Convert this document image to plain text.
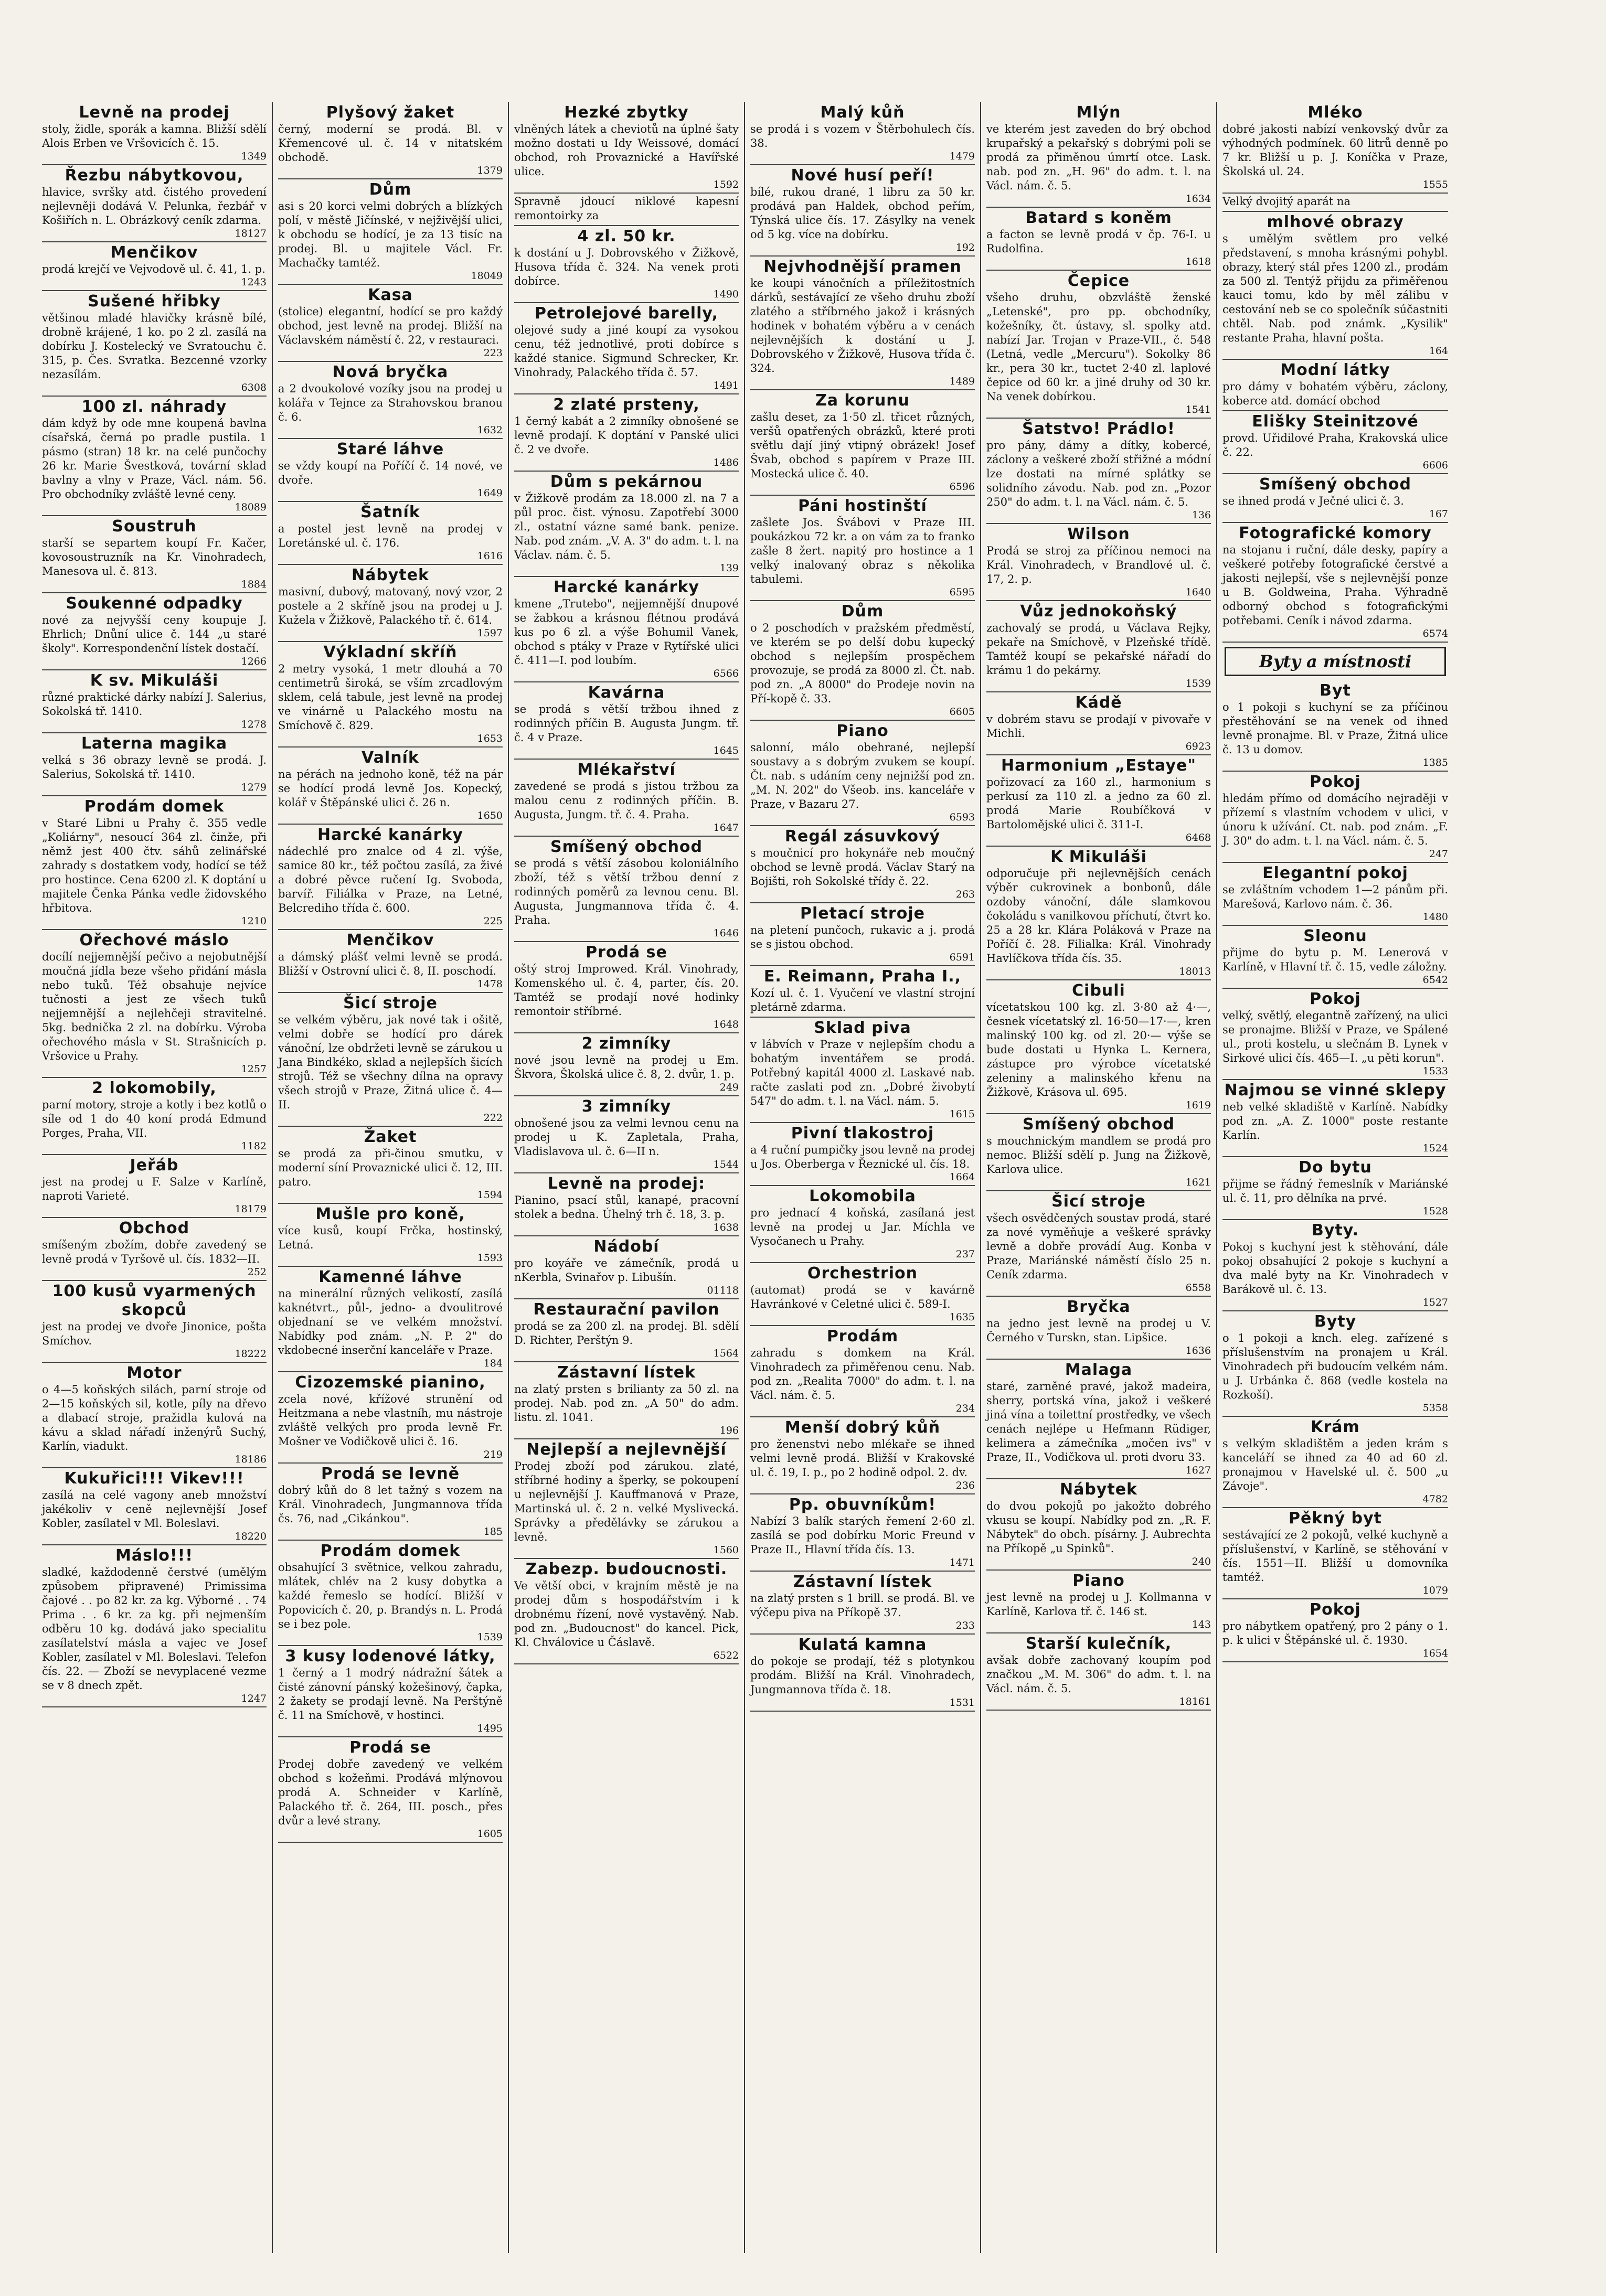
Levně na prodej
stoly, židle, sporák a kamna. Bližší sdělí Alois Erben ve Vršovicích č. 15.
1349
Řezbu nábytkovou,
hlavice, svršky atd. čistého provedení nejlevněji dodává V. Pelunka, řezbář v Košiřích n. L. Obrázkový ceník zdarma.
18127
Menčikov
prodá krejčí ve Vejvodově ul. č. 41, 1. p.
1243
Sušené hřibky
většinou mladé hlavičky krásně bílé, drobně krájené, 1 ko. po 2 zl. zasílá na dobírku J. Kostelecký ve Svratouchu č. 315, p. Čes. Svratka. Bezcenné vzorky nezasílám.
6308
100 zl. náhrady
dám když by ode mne koupená bavlna císařská, černá po pradle pustila. 1 pásmo (stran) 18 kr. na celé punčochy 26 kr. Marie Švestková, tovární sklad bavlny a vlny v Praze, Václ. nám. 56. Pro obchodníky zvláště levné ceny.
18089
Soustruh
starší se separtem koupí Fr. Kačer, kovosoustruzník na Kr. Vinohradech, Manesova ul. č. 813.
1884
Soukenné odpadky
nové za nejvyšší ceny koupuje J. Ehrlich; Dnůní ulice č. 144 „u staré školy". Korrespondenční lístek dostačí.
1266
K sv. Mikuláši
různé praktické dárky nabízí J. Salerius, Sokolská tř. 1410.
1278
Laterna magika
velká s 36 obrazy levně se prodá. J. Salerius, Sokolská tř. 1410.
1279
Prodám domek
v Staré Libni u Prahy č. 355 vedle „Koliárny", nesoucí 364 zl. činže, při němž jest 400 čtv. sáhů zelinářské zahrady s dostatkem vody, hodící se též pro hostince. Cena 6200 zl. K doptání u majitele Čenka Pánka vedle židovského hřbitova.
1210
Ořechové máslo
docílí nejjemnější pečivo a nejobutnější moučná jídla beze všeho přidání másla nebo tuků. Též obsahuje nejvíce tučnosti a jest ze všech tuků nejjemnější a nejlehčeji stravitelné. 5kg. bednička 2 zl. na dobírku. Výroba ořechového másla v St. Strašnicích p. Vršovice u Prahy.
1257
2 lokomobily,
parní motory, stroje a kotly i bez kotlů o síle od 1 do 40 koní prodá Edmund Porges, Praha, VII.
1182
Jeřáb
jest na prodej u F. Salze v Karlíně, naproti Varieté.
18179
Obchod
smíšeným zbožím, dobře zavedený se levně prodá v Tyršově ul. čís. 1832—II.
252
100 kusů vyarmených skopců
jest na prodej ve dvoře Jinonice, pošta Smíchov.
18222
Motor
o 4—5 koňských silách, parní stroje od 2—15 koňských sil, kotle, píly na dřevo a dlabací stroje, pražidla kulová na kávu a sklad nářadí inženýrů Suchý, Karlín, viadukt.
18186
Kukuřici!!! Vikev!!!
zasílá na celé vagony aneb množství jakékoliv v ceně nejlevnější Josef Kobler, zasílatel v Ml. Boleslavi.
18220
Máslo!!!
sladké, každodenně čerstvé (umělým způsobem připravené) Primissima čajové . . po 82 kr. za kg. Výborné . . 74 Prima . . 6 kr. za kg. při nejmenším odběru 10 kg. dodává jako specialitu zasílatelství másla a vajec ve Josef Kobler, zasílatel v Ml. Boleslavi. Telefon čís. 22. — Zboží se nevyplacené vezme se v 8 dnech zpět.
1247
Plyšový žaket
černý, moderní se prodá. Bl. v Křemencové ul. č. 14 v nitatském obchodě.
1379
Dům
asi s 20 korci velmi dobrých a blízkých polí, v městě Jičínské, v nejživější ulici, k obchodu se hodící, je za 13 tisíc na prodej. Bl. u majitele Václ. Fr. Machačky tamtéž.
18049
Kasa
(stolice) elegantní, hodící se pro každý obchod, jest levně na prodej. Bližší na Václavském náměstí č. 22, v restauraci.
223
Nová bryčka
a 2 dvoukolové vozíky jsou na prodej u kolářa v Tejnce za Strahovskou branou č. 6.
1632
Staré láhve
se vždy koupí na Poříčí č. 14 nové, ve dvoře.
1649
Šatník
a postel jest levně na prodej v Loretánské ul. č. 176.
1616
Nábytek
masivní, dubový, matovaný, nový vzor, 2 postele a 2 skříně jsou na prodej u J. Kužela v Žižkově, Palackého tř. č. 614.
1597
Výkladní skříň
2 metry vysoká, 1 metr dlouhá a 70 centimetrů široká, se vším zrcadlovým sklem, celá tabule, jest levně na prodej ve vinárně u Palackého mostu na Smíchově č. 829.
1653
Valník
na pérách na jednoho koně, též na pár se hodící prodá levně Jos. Kopecký, kolář v Štěpánské ulici č. 26 n.
1650
Harcké kanárky
nádechlé pro znalce od 4 zl. výše, samice 80 kr., též počtou zasílá, za živé a dobré pěvce ručení Ig. Svoboda, barvíř. Filiálka v Praze, na Letné, Belcrediho třída č. 600.
225
Menčikov
a dámský plášť velmi levně se prodá. Bližší v Ostrovní ulici č. 8, II. poschodí.
1478
Šicí stroje
se velkém výběru, jak nové tak i ošitě, velmi dobře se hodící pro dárek vánoční, lze obdržeti levně se zárukou u Jana Bindkéko, sklad a nejlepších šicích strojů. Též se všechny dílna na opravy všech strojů v Praze, Žitná ulice č. 4—II.
222
Žaket
se prodá za při-činou smutku, v moderní síní Provaznické ulici č. 12, III. patro.
1594
Mušle pro koně,
více kusů, koupí Frčka, hostinský, Letná.
1593
Kamenné láhve
na minerální různých velikostí, zasílá kaknétvrt., půl-, jedno- a dvoulitrové objednaní se ve velkém množství. Nabídky pod znám. „N. P. 2" do vkdobecné inserční kanceláře v Praze.
184
Cizozemské pianino,
zcela nové, křížové strunění od Heitzmana a nebe vlastníh, mu nástroje zvláště velkých pro proda levně Fr. Mošner ve Vodičkově ulici č. 16.
219
Prodá se levně
dobrý kůň do 8 let tažný s vozem na Král. Vinohradech, Jungmannova třída čs. 76, nad „Cikánkou".
185
Prodám domek
obsahující 3 světnice, velkou zahradu, mlátek, chlév na 2 kusy dobytka a každé řemeslo se hodící. Bližší v Popovicích č. 20, p. Brandýs n. L. Prodá se i bez pole.
1539
3 kusy lodenové látky,
1 černý a 1 modrý nádražní šátek a čisté zánovní pánský kožešinový, čapka, 2 žakety se prodají levně. Na Perštýně č. 11 na Smíchově, v hostinci.
1495
Prodá se
Prodej dobře zavedený ve velkém obchod s kožeňmi. Prodává mlýnovou prodá A. Schneider v Karlíně, Palackého tř. č. 264, III. posch., přes dvůr a levé strany.
1605
Hezké zbytky
vlněných látek a cheviotů na úplné šaty možno dostati u Idy Weissové, domácí obchod, roh Provaznické a Havířské ulice.
1592
Spravně jdoucí niklové kapesní remontoirky za
4 zl. 50 kr.
k dostání u J. Dobrovského v Žižkově, Husova třída č. 324. Na venek proti dobírce.
1490
Petrolejové barelly,
olejové sudy a jiné koupí za vysokou cenu, též jednotlivé, proti dobírce s každé stanice. Sigmund Schrecker, Kr. Vinohrady, Palackého třída č. 57.
1491
2 zlaté prsteny,
1 černý kabát a 2 zimníky obnošené se levně prodají. K doptání v Panské ulici č. 2 ve dvoře.
1486
Dům s pekárnou
v Žižkově prodám za 18.000 zl. na 7 a půl proc. čist. výnosu. Zapotřebí 3000 zl., ostatní vázne samé bank. penize. Nab. pod znám. „V. A. 3" do adm. t. l. na Václav. nám. č. 5.
139
Harcké kanárky
kmene „Trutebo", nejjemnější dnupové se žabkou a krásnou flétnou prodává kus po 6 zl. a výše Bohumil Vanek, obchod s ptáky v Praze v Rytířské ulici č. 411—I. pod loubím.
6566
Kavárna
se prodá s větší tržbou ihned z rodinných příčin B. Augusta Jungm. tř. č. 4 v Praze.
1645
Mlékařství
zavedené se prodá s jistou tržbou za malou cenu z rodinných příčin. B. Augusta, Jungm. tř. č. 4. Praha.
1647
Smíšený obchod
se prodá s větší zásobou koloniálního zboží, též s větší tržbou denní z rodinných poměrů za levnou cenu. Bl. Augusta, Jungmannova třída č. 4. Praha.
1646
Prodá se
oštý stroj Improwed. Král. Vinohrady, Komenského ul. č. 4, parter, čís. 20. Tamtéž se prodají nové hodinky remontoir stříbrné.
1648
2 zimníky
nové jsou levně na prodej u Em. Škvora, Školská ulice č. 8, 2. dvůr, 1. p.
249
3 zimníky
obnošené jsou za velmi levnou cenu na prodej u K. Zapletala, Praha, Vladislavova ul. č. 6—II n.
1544
Levně na prodej:
Pianino, psací stůl, kanapé, pracovní stolek a bedna. Úhelný trh č. 18, 3. p.
1638
Nádobí
pro koyáře ve zámečník, prodá u nKerbla, Svinařov p. Libušín.
01118
Restaurační pavilon
prodá se za 200 zl. na prodej. Bl. sdělí D. Richter, Perštýn 9.
1564
Zástavní lístek
na zlatý prsten s brilianty za 50 zl. na prodej. Nab. pod zn. „A 50" do adm. listu. zl. 1041.
196
Nejlepší a nejlevnější
Prodej zboží pod zárukou. zlaté, stříbrné hodiny a šperky, se pokoupení u nejlevnější J. Kauffmanová v Praze, Martinská ul. č. 2 n. velké Myslivecká. Správky a předělávky se zárukou a levně.
1560
Zabezp. budoucnosti.
Ve větší obci, v krajním městě je na prodej dům s hospodářstvím i k drobnému řízení, nově vystavěný. Nab. pod zn. „Budoucnost" do kancel. Pick, Kl. Chválovice u Čáslavě.
6522
Malý kůň
se prodá i s vozem v Štěrbohulech čís. 38.
1479
Nové husí peří!
bílé, rukou drané, 1 libru za 50 kr. prodává pan Haldek, obchod peřím, Týnská ulice čís. 17. Zásylky na venek od 5 kg. více na dobírku.
192
Nejvhodnější pramen
ke koupi vánočních a příležitostních dárků, sestávající ze všeho druhu zboží zlatého a stříbrného jakož i krásných hodinek v bohatém výběru a v cenách nejlevnějších k dostání u J. Dobrovského v Žižkově, Husova třída č. 324.
1489
Za korunu
zašlu deset, za 1·50 zl. třicet různých, veršů opatřených obrázků, které proti světlu dají jiný vtipný obrázek! Josef Švab, obchod s papírem v Praze III. Mostecká ulice č. 40.
6596
Páni hostinští
zašlete Jos. Švábovi v Praze III. poukázkou 72 kr. a on vám za to franko zašle 8 žert. napitý pro hostince a 1 velký inalovaný obraz s několika tabulemi.
6595
Dům
o 2 poschodích v pražském předměstí, ve kterém se po delší dobu kupecký obchod s nejlepším prospěchem provozuje, se prodá za 8000 zl. Čt. nab. pod zn. „A 8000" do Prodeje novin na Pří-kopě č. 33.
6605
Piano
salonní, málo obehrané, nejlepší soustavy a s dobrým zvukem se koupí. Čt. nab. s udáním ceny nejnižší pod zn. „M. N. 202" do Všeob. ins. kanceláře v Praze, v Bazaru 27.
6593
Regál zásuvkový
s moučnicí pro hokynáře neb moučný obchod se levně prodá. Václav Starý na Bojišti, roh Sokolské třídy č. 22.
263
Pletací stroje
na pletení punčoch, rukavic a j. prodá se s jistou obchod.
6591
E. Reimann, Praha I.,
Kozí ul. č. 1. Vyučení ve vlastní strojní pletárně zdarma.
Sklad piva
v lábvích v Praze v nejlepším chodu a bohatým inventářem se prodá. Potřebný kapitál 4000 zl. Laskavé nab. račte zaslati pod zn. „Dobré živobytí 547" do adm. t. l. na Václ. nám. 5.
1615
Pivní tlakostroj
a 4 ruční pumpičky jsou levně na prodej u Jos. Oberberga v Řeznické ul. čís. 18.
1664
Lokomobila
pro jednací 4 koňská, zasílaná jest levně na prodej u Jar. Míchla ve Vysočanech u Prahy.
237
Orchestrion
(automat) prodá se v kavárně Havránkové v Celetné ulici č. 589-I.
1635
Prodám
zahradu s domkem na Král. Vinohradech za přiměřenou cenu. Nab. pod zn. „Realita 7000" do adm. t. l. na Václ. nám. č. 5.
234
Menší dobrý kůň
pro ženenstvi nebo mlékaře se ihned velmi levně prodá. Bližší v Krakovské ul. č. 19, I. p., po 2 hodině odpol. 2. dv.
236
Pp. obuvníkům!
Nabízí 3 balík starých řemení 2·60 zl. zasílá se pod dobírku Moric Freund v Praze II., Hlavní třída čís. 13.
1471
Zástavní lístek
na zlatý prsten s 1 brill. se prodá. Bl. ve výčepu piva na Příkopě 37.
233
Kulatá kamna
do pokoje se prodají, též s plotynkou prodám. Bližší na Král. Vinohradech, Jungmannova třída č. 18.
1531
Mlýn
ve kterém jest zaveden do brý obchod krupařský a pekařský s dobrými poli se prodá za přiměnou úmrtí otce. Lask. nab. pod zn. „H. 96" do adm. t. l. na Václ. nám. č. 5.
1634
Batard s koněm
a facton se levně prodá v čp. 76-I. u Rudolfina.
1618
Čepice
všeho druhu, obzvláště ženské „Letenské", pro pp. obchodníky, kožešníky, čt. ústavy, sl. spolky atd. nabízí Jar. Trojan v Praze-VII., č. 548 (Letná, vedle „Mercuru"). Sokolky 86 kr., pera 30 kr., tuctet 2·40 zl. laplové čepice od 60 kr. a jiné druhy od 30 kr. Na venek dobírkou.
1541
Šatstvo! Prádlo!
pro pány, dámy a dítky, kobercé, záclony a veškeré zboží střižné a módní lze dostati na mírné splátky se solidního závodu. Nab. pod zn. „Pozor 250" do adm. t. l. na Václ. nám. č. 5.
136
Wilson
Prodá se stroj za příčinou nemoci na Král. Vinohradech, v Brandlové ul. č. 17, 2. p.
1640
Vůz jednokoňský
zachovalý se prodá, u Václava Rejky, pekaře na Smíchově, v Plzeňské třídě. Tamtéž koupí se pekařské nářadí do krámu 1 do pekárny.
1539
Kádě
v dobrém stavu se prodají v pivovaře v Michli.
6923
Harmonium „Estaye"
pořizovací za 160 zl., harmonium s perkusí za 110 zl. a jedno za 60 zl. prodá Marie Roubíčková v Bartolomějské ulici č. 311-I.
6468
K Mikuláši
odporučuje při nejlevnějších cenách výběr cukrovinek a bonbonů, dále ozdoby vánoční, dále slamkovou čokoládu s vanilkovou příchutí, čtvrt ko. 25 a 28 kr. Klára Poláková v Praze na Poříčí č. 28. Filialka: Král. Vinohrady Havlíčkova třída čís. 35.
18013
Cibuli
vícetatskou 100 kg. zl. 3·80 až 4·—, česnek vícetatský zl. 16·50—17·—, kren malinský 100 kg. od zl. 20·— výše se bude dostati u Hynka L. Kernera, zástupce pro výrobce vícetatské zeleniny a malinského křenu na Žižkově, Krásova ul. 695.
1619
Smíšený obchod
s mouchnickým mandlem se prodá pro nemoc. Bližší sdělí p. Jung na Žižkově, Karlova ulice.
1621
Šicí stroje
všech osvědčených soustav prodá, staré za nové vyměňuje a veškeré správky levně a dobře provádí Aug. Konba v Praze, Mariánské náměstí číslo 25 n. Ceník zdarma.
6558
Bryčka
na jedno jest levně na prodej u V. Černého v Turskn, stan. Lipšice.
1636
Malaga
staré, zarněné pravé, jakož madeira, sherry, portská vína, jakož i veškeré jiná vína a toilettní prostředky, ve všech cenách nejlépe u Hefmann Rüdiger, kelimera a zámečníka „močen ivs" v Praze, II., Vodičkova ul. proti dvoru 33.
1627
Nábytek
do dvou pokojů po jakožto dobrého vkusu se koupí. Nabídky pod zn. „R. F. Nábytek" do obch. písárny. J. Aubrechta na Příkopě „u Spinků".
240
Piano
jest levně na prodej u J. Kollmanna v Karlíně, Karlova tř. č. 146 st.
143
Starší kulečník,
avšak dobře zachovaný koupím pod značkou „M. M. 306" do adm. t. l. na Václ. nám. č. 5.
18161
Mléko
dobré jakosti nabízí venkovský dvůr za výhodných podmínek. 60 litrů denně po 7 kr. Bližší u p. J. Koníčka v Praze, Školská ul. 24.
1555
Velký dvojitý aparát na
mlhové obrazy
s umělým světlem pro velké představení, s mnoha krásnými pohybl. obrazy, který stál přes 1200 zl., prodám za 500 zl. Tentýž přijdu za přiměřenou kauci tomu, kdo by měl zálibu v cestování neb se co společník súčastniti chtěl. Nab. pod známk. „Kysilik" restante Praha, hlavní pošta.
164
Modní látky
pro dámy v bohatém výběru, záclony, koberce atd. domácí obchod
Elišky Steinitzové
provd. Uřidilové Praha, Krakovská ulice č. 22.
6606
Smíšený obchod
se ihned prodá v Ječné ulici č. 3.
167
Fotografické komory
na stojanu i ruční, dále desky, papíry a veškeré potřeby fotografické čerstvé a jakosti nejlepší, vše s nejlevnější ponze u B. Goldweina, Praha. Výhradně odborný obchod s fotografickými potřebami. Ceník i návod zdarma.
6574
Byty a místnosti
Byt
o 1 pokoji s kuchyní se za příčinou přestěhování se na venek od ihned levně pronajme. Bl. v Praze, Žitná ulice č. 13 u domov.
1385
Pokoj
hledám přímo od domácího nejraději v přízemí s vlastním vchodem v ulici, v únoru k užívání. Ct. nab. pod znám. „F. J. 30" do adm. t. l. na Václ. nám. č. 5.
247
Elegantní pokoj
se zvláštním vchodem 1—2 pánům při. Marešová, Karlovo nám. č. 36.
1480
Sleonu
přijme do bytu p. M. Lenerová v Karlíně, v Hlavní tř. č. 15, vedle záložny.
6542
Pokoj
velký, světlý, elegantně zařízený, na ulici se pronajme. Bližší v Praze, ve Spálené ul., proti kostelu, u slečnám B. Lynek v Sirkové ulici čís. 465—I. „u pěti korun".
1533
Najmou se vinné sklepy
neb velké skladiště v Karlíně. Nabídky pod zn. „A. Z. 1000" poste restante Karlín.
1524
Do bytu
přijme se řádný řemeslník v Mariánské ul. č. 11, pro dělníka na prvé.
1528
Byty.
Pokoj s kuchyní jest k stěhování, dále pokoj obsahující 2 pokoje s kuchyní a dva malé byty na Kr. Vinohradech v Barákově ul. č. 13.
1527
Byty
o 1 pokoji a knch. eleg. zařízené s příslušenstvím na pronajem u Král. Vinohradech při budoucím velkém nám. u J. Urbánka č. 868 (vedle kostela na Rozkoší).
5358
Krám
s velkým skladištěm a jeden krám s kanceláří se ihned za 40 ad 60 zl. pronajmou v Havelské ul. č. 500 „u Závoje".
4782
Pěkný byt
sestávající ze 2 pokojů, velké kuchyně a příslušenství, v Karlíně, se stěhování v čís. 1551—II. Bližší u domovníka tamtéž.
1079
Pokoj
pro nábytkem opatřený, pro 2 pány o 1. p. k ulici v Štěpánské ul. č. 1930.
1654
